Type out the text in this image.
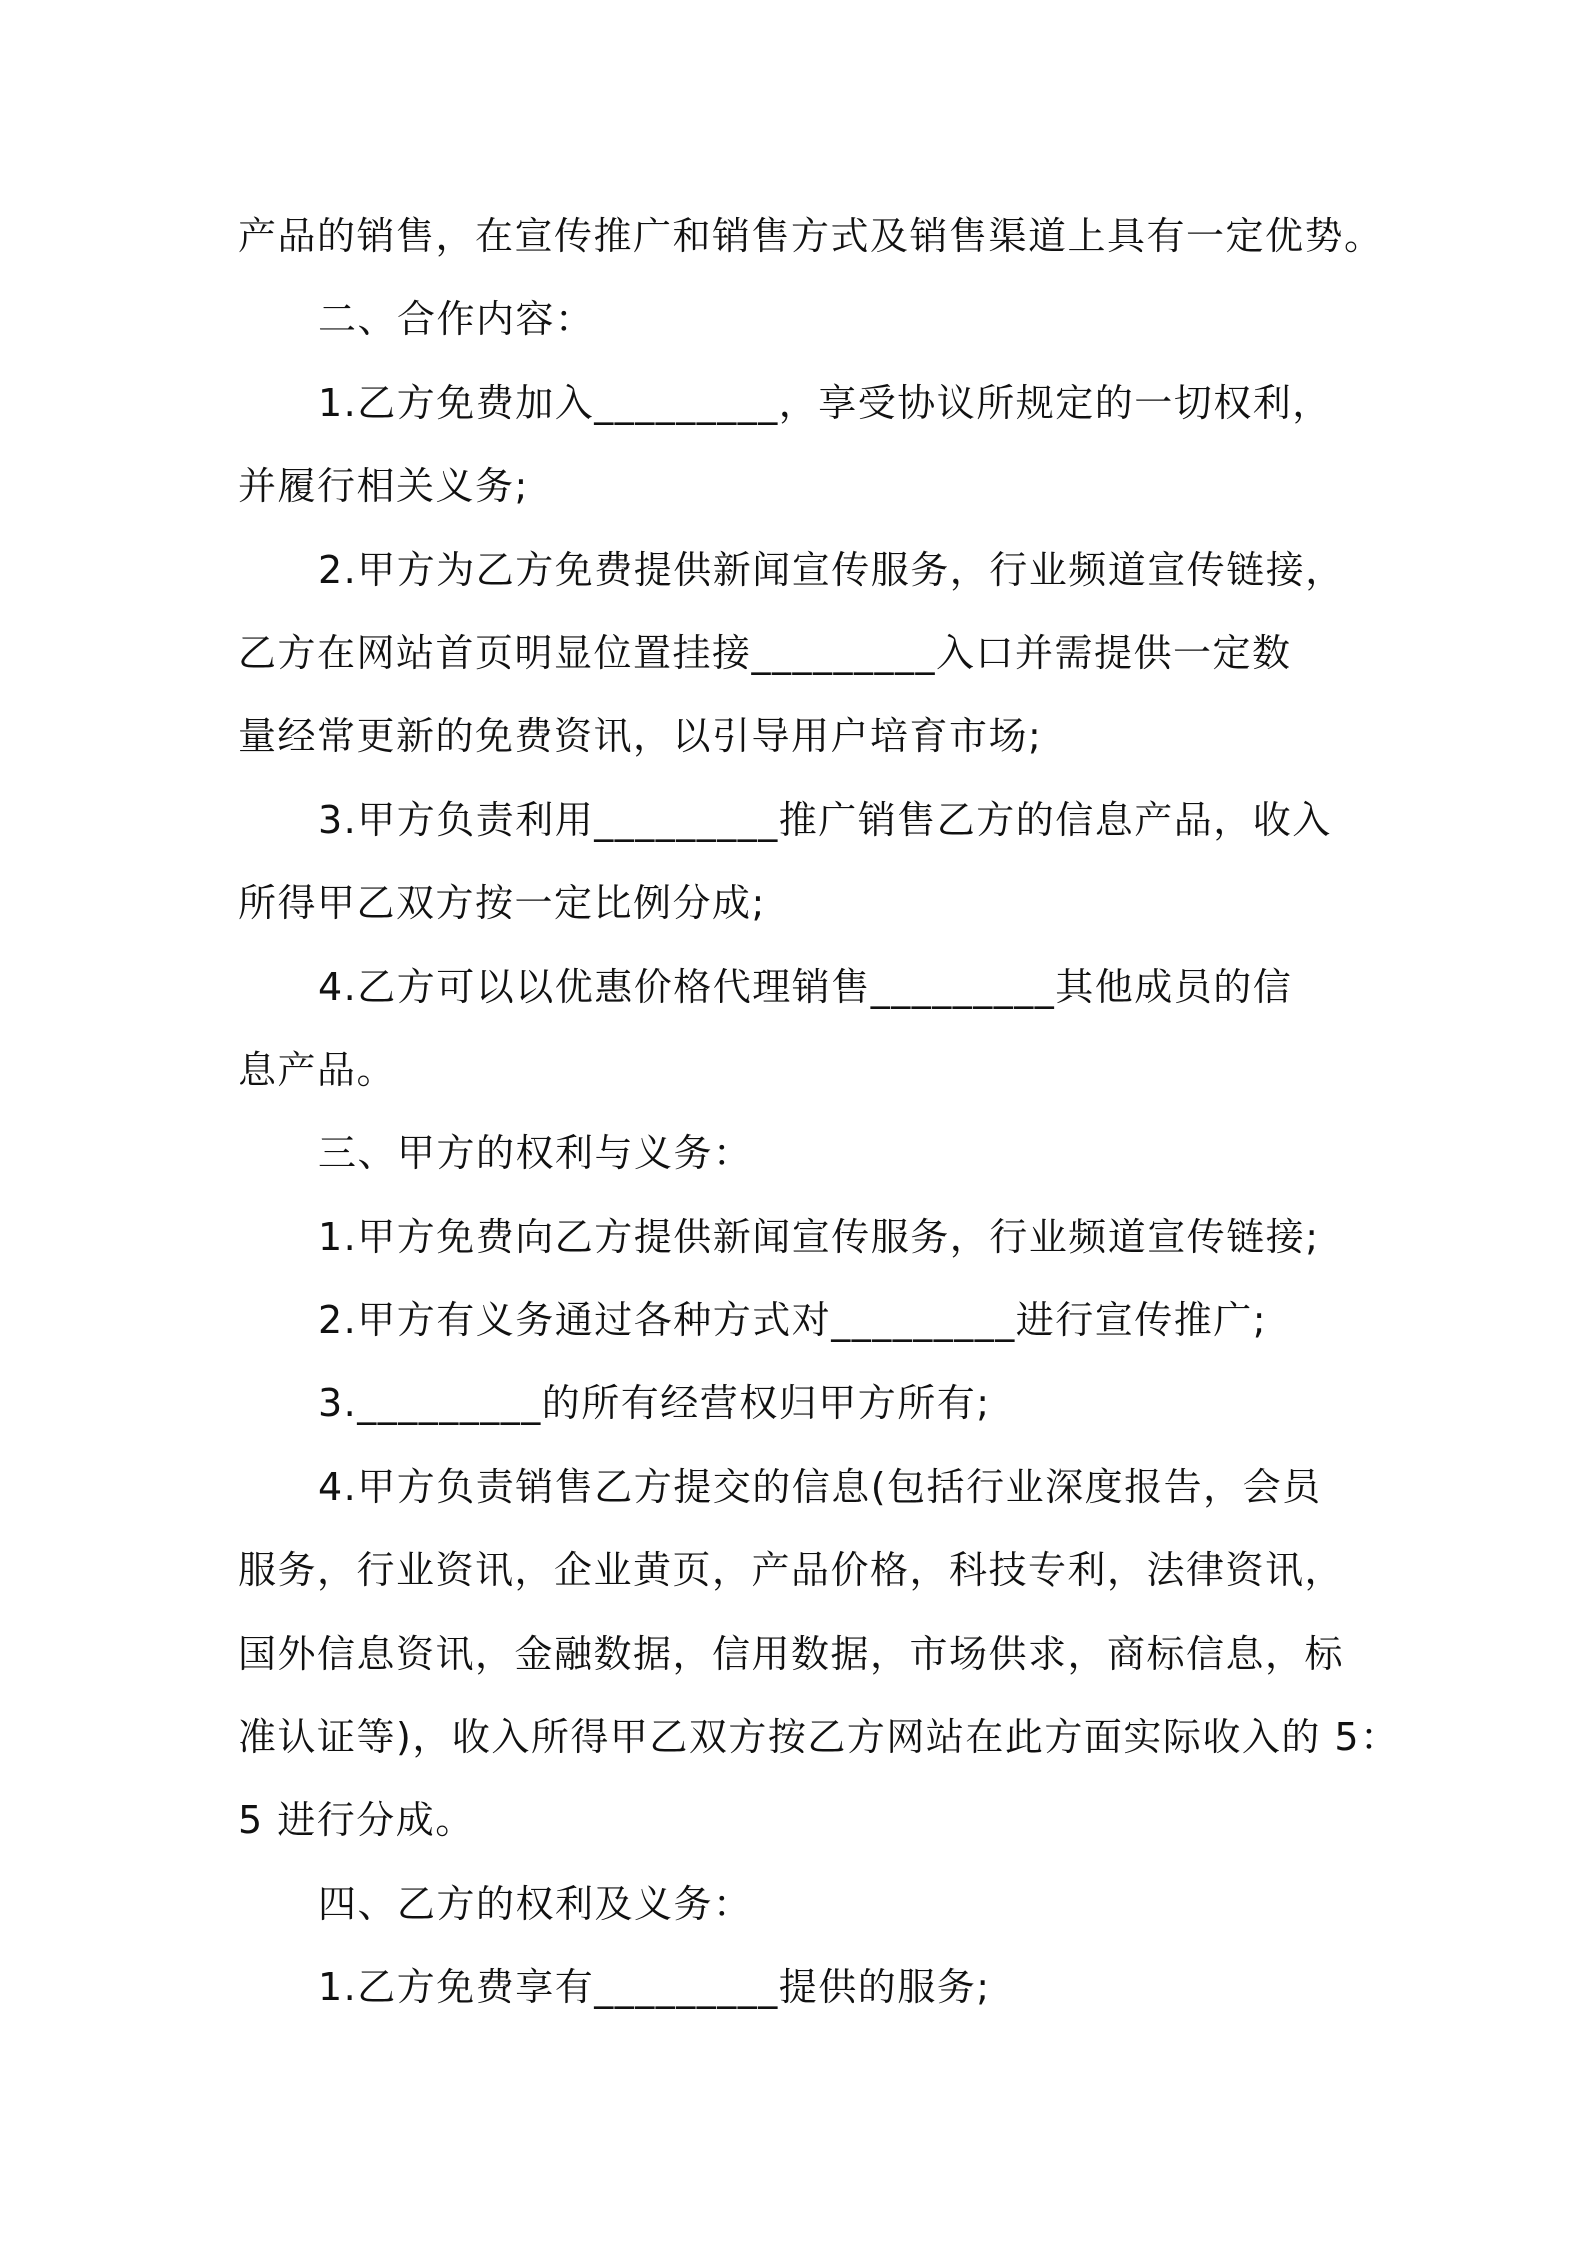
产品的销售，在宣传推广和销售方式及销售渠道上具有一定优势。
二、合作内容：
1.乙方免费加入_________，享受协议所规定的一切权利，
并履行相关义务;
2.甲方为乙方免费提供新闻宣传服务，行业频道宣传链接，
乙方在网站首页明显位置挂接_________入口并需提供一定数
量经常更新的免费资讯，以引导用户培育市场;
3.甲方负责利用_________推广销售乙方的信息产品，收入
所得甲乙双方按一定比例分成;
4.乙方可以以优惠价格代理销售_________其他成员的信
息产品。
三、甲方的权利与义务：
1.甲方免费向乙方提供新闻宣传服务，行业频道宣传链接;
2.甲方有义务通过各种方式对_________进行宣传推广;
3._________的所有经营权归甲方所有;
4.甲方负责销售乙方提交的信息(包括行业深度报告，会员
服务，行业资讯，企业黄页，产品价格，科技专利，法律资讯，
国外信息资讯，金融数据，信用数据，市场供求，商标信息，标
准认证等)，收入所得甲乙双方按乙方网站在此方面实际收入的 5：
5 进行分成。
四、乙方的权利及义务：
1.乙方免费享有_________提供的服务;
